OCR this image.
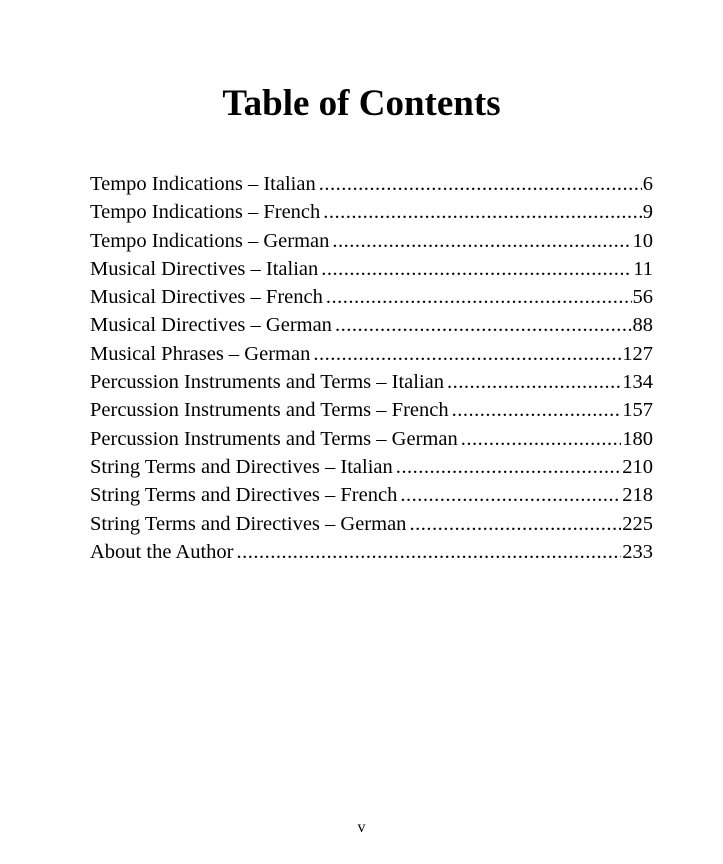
Table of Contents
Tempo Indications – Italian .....	6
Tempo Indications – French .....	9
Tempo Indications – German .....	10
Musical Directives – Italian .....	11
Musical Directives – French .....	56
Musical Directives – German .....	88
Musical Phrases – German .....	127
Percussion Instruments and Terms – Italian .....	134
Percussion Instruments and Terms – French .....	157
Percussion Instruments and Terms – German .....	180
String Terms and Directives – Italian .....	210
String Terms and Directives – French .....	218
String Terms and Directives – German .....	225
About the Author .....	233
v
